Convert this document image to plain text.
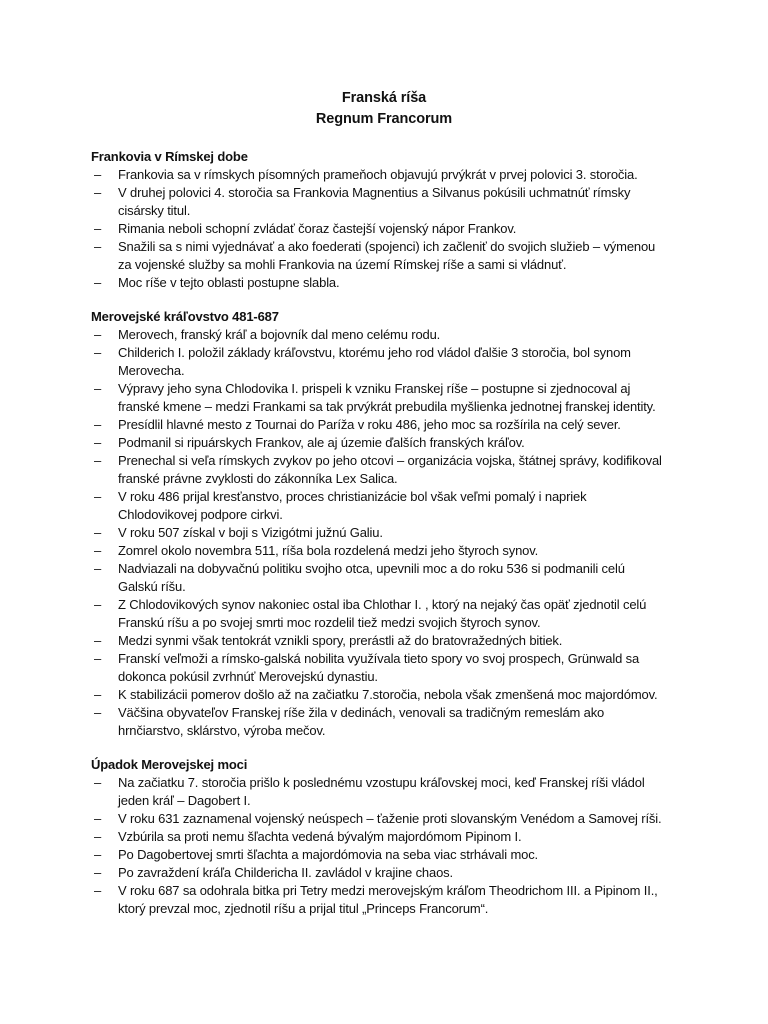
Franská ríša
Regnum Francorum
Frankovia v Rímskej dobe
– Frankovia sa v rímskych písomných prameňoch objavujú prvýkrát v prvej polovici 3. storočia.
– V druhej polovici 4. storočia sa Frankovia Magnentius a Silvanus pokúsili uchmatnúť rímsky
cisársky titul.
– Rimania neboli schopní zvládať čoraz častejší vojenský nápor Frankov.
– Snažili sa s nimi vyjednávať a ako foederati (spojenci) ich začleniť do svojich služieb – výmenou
za vojenské služby sa mohli Frankovia na území Rímskej ríše a sami si vládnuť.
– Moc ríše v tejto oblasti postupne slabla.
Merovejské kráľovstvo 481-687
– Merovech, franský kráľ a bojovník dal meno celému rodu.
– Childerich I. položil základy kráľovstvu, ktorému jeho rod vládol ďalšie 3 storočia, bol synom
Merovecha.
– Výpravy jeho syna Chlodovika I. prispeli k vzniku Franskej ríše – postupne si zjednocoval aj
franské kmene – medzi Frankami sa tak prvýkrát prebudila myšlienka jednotnej franskej identity.
– Presídlil hlavné mesto z Tournai do Paríža v roku 486, jeho moc sa rozšírila na celý sever.
– Podmanil si ripuárskych Frankov, ale aj územie ďalších franských kráľov.
– Prenechal si veľa rímskych zvykov po jeho otcovi – organizácia vojska, štátnej správy, kodifikoval
franské právne zvyklosti do zákonníka Lex Salica.
– V roku 486 prijal kresťanstvo, proces christianizácie bol však veľmi pomalý i napriek
Chlodovikovej podpore cirkvi.
– V roku 507 získal v boji s Vizigótmi južnú Galiu.
– Zomrel okolo novembra 511, ríša bola rozdelená medzi jeho štyroch synov.
– Nadviazali na dobyvačnú politiku svojho otca, upevnili moc a do roku 536 si podmanili celú
Galskú ríšu.
– Z Chlodovikových synov nakoniec ostal iba Chlothar I. , ktorý na nejaký čas opäť zjednotil celú
Franskú ríšu a po svojej smrti moc rozdelil tiež medzi svojich štyroch synov.
– Medzi synmi však tentokrát vznikli spory, prerástli až do bratovražedných bitiek.
– Franskí veľmoži a rímsko-galská nobilita využívala tieto spory vo svoj prospech, Grünwald sa
dokonca pokúsil zvrhnúť Merovejskú dynastiu.
– K stabilizácii pomerov došlo až na začiatku 7.storočia, nebola však zmenšená moc majordómov.
– Väčšina obyvateľov Franskej ríše žila v dedinách, venovali sa tradičným remeslám ako
hrnčiarstvo, sklárstvo, výroba mečov.
Úpadok Merovejskej moci
– Na začiatku 7. storočia prišlo k poslednému vzostupu kráľovskej moci, keď Franskej ríši vládol
jeden kráľ – Dagobert I.
– V roku 631 zaznamenal vojenský neúspech – ťaženie proti slovanským Venédom a Samovej ríši.
– Vzbúrila sa proti nemu šľachta vedená bývalým majordómom Pipinom I.
– Po Dagobertovej smrti šľachta a majordómovia na seba viac strhávali moc.
– Po zavraždení kráľa Childericha II. zavládol v krajine chaos.
– V roku 687 sa odohrala bitka pri Tetry medzi merovejským kráľom Theodrichom III. a Pipinom II.,
ktorý prevzal moc, zjednotil ríšu a prijal titul „Princeps Francorum“.
